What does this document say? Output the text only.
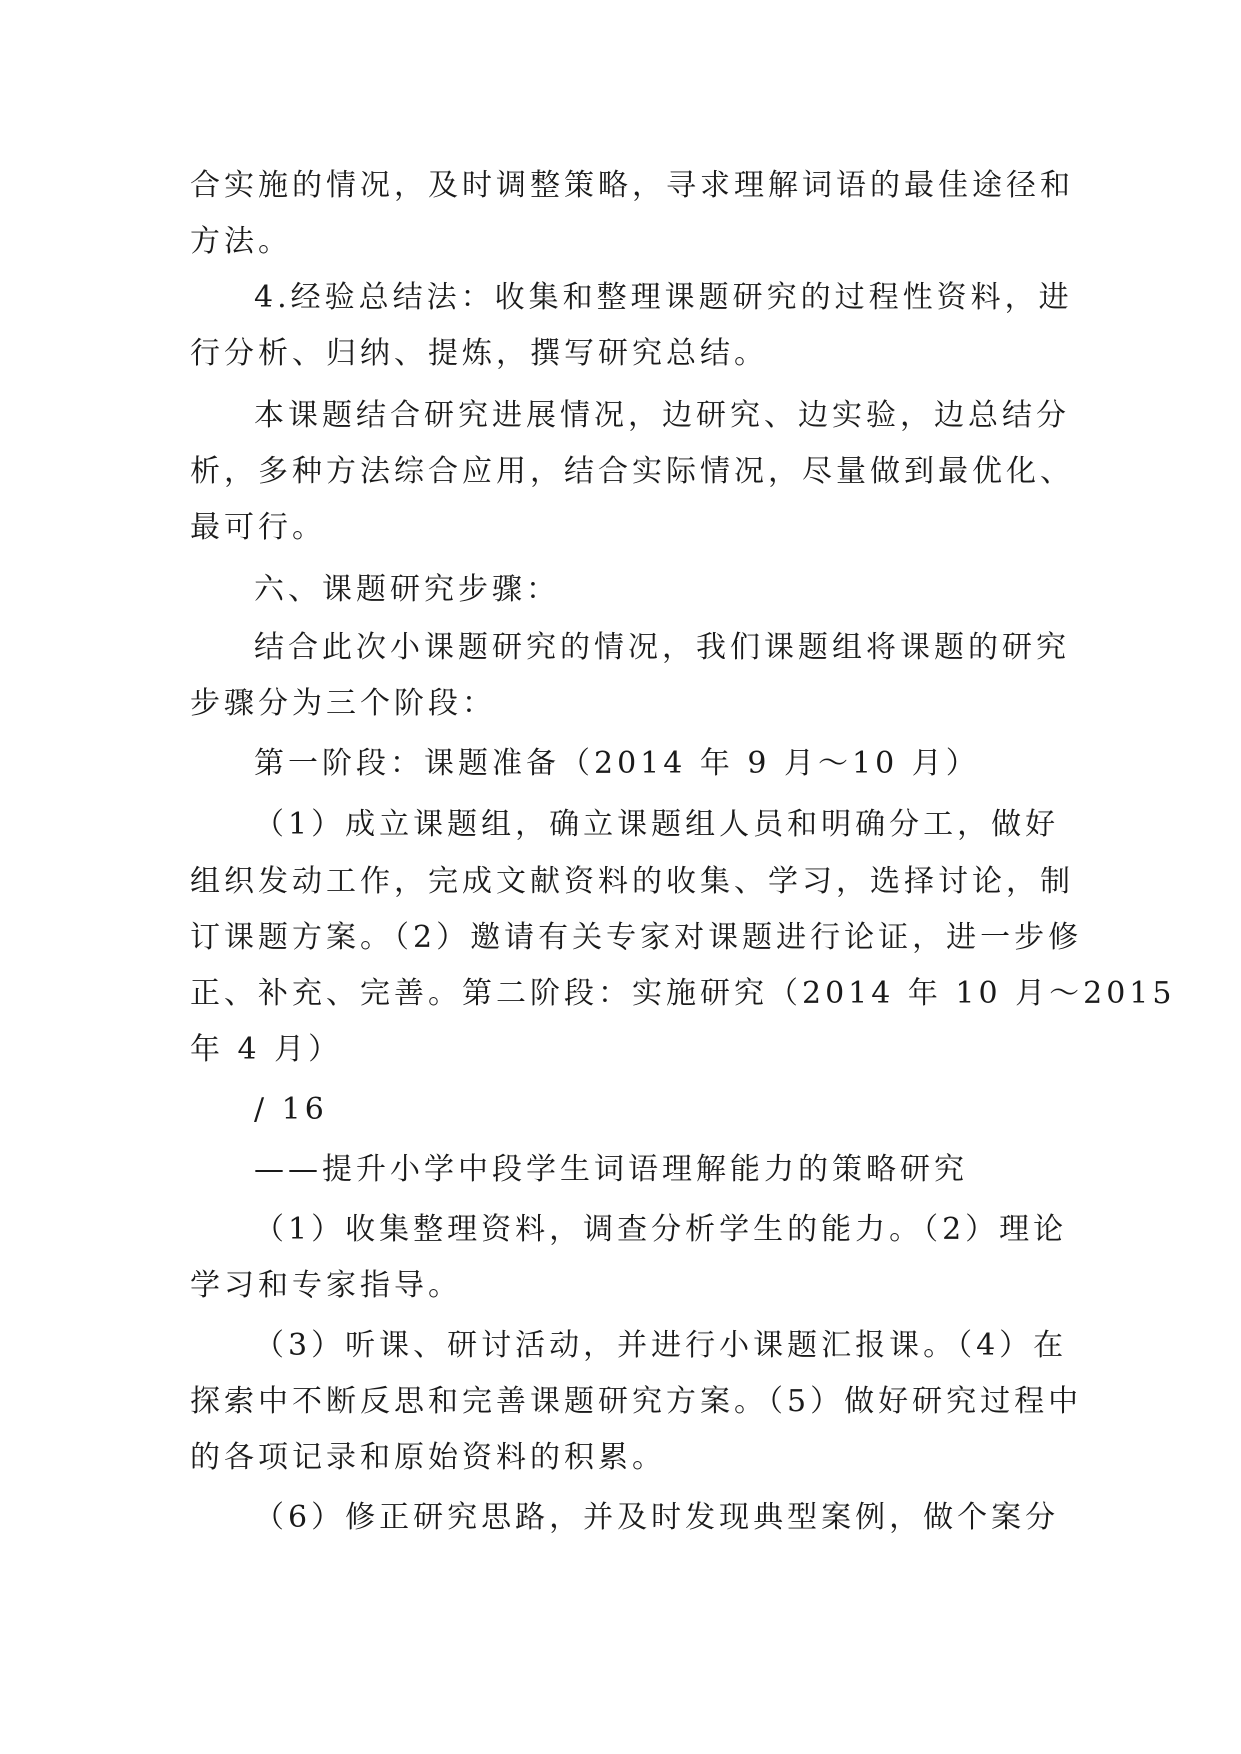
合实施的情况，及时调整策略，寻求理解词语的最佳途径和
方法。
4.经验总结法：收集和整理课题研究的过程性资料，进
行分析、归纳、提炼，撰写研究总结。
本课题结合研究进展情况，边研究、边实验，边总结分
析，多种方法综合应用，结合实际情况，尽量做到最优化、
最可行。
六、课题研究步骤：
结合此次小课题研究的情况，我们课题组将课题的研究
步骤分为三个阶段：
第一阶段：课题准备（2014 年 9 月～10 月）
（1）成立课题组，确立课题组人员和明确分工，做好
组织发动工作，完成文献资料的收集、学习，选择讨论，制
订课题方案。（2）邀请有关专家对课题进行论证，进一步修
正、补充、完善。第二阶段：实施研究（2014 年 10 月～2015
年 4 月）
/ 16
——提升小学中段学生词语理解能力的策略研究
（1）收集整理资料，调查分析学生的能力。（2）理论
学习和专家指导。
（3）听课、研讨活动，并进行小课题汇报课。（4）在
探索中不断反思和完善课题研究方案。（5）做好研究过程中
的各项记录和原始资料的积累。
（6）修正研究思路，并及时发现典型案例，做个案分
